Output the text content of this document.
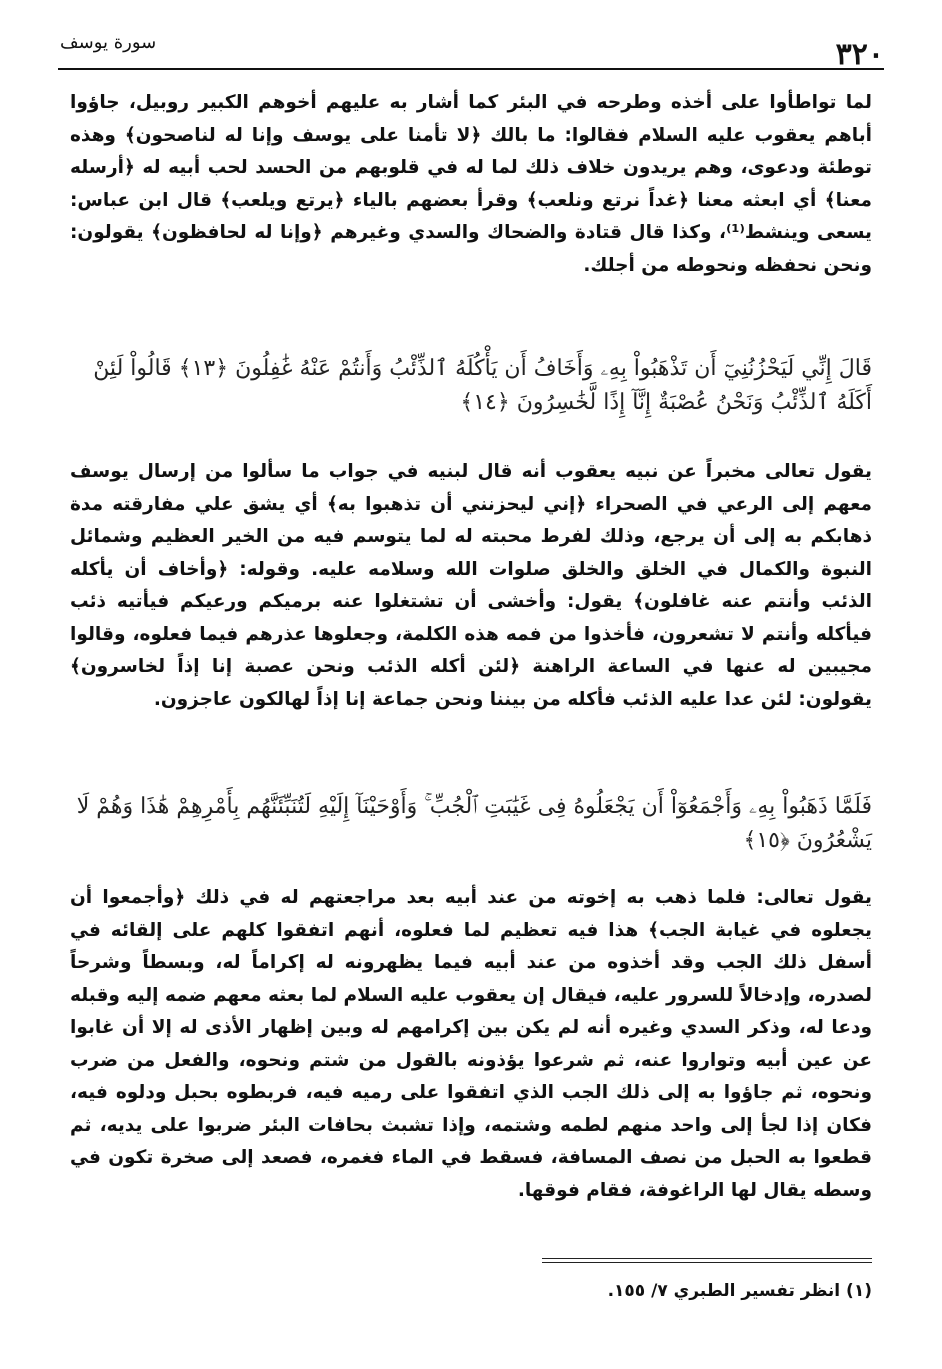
٣٢٠
سورة يوسف

لما تواطأوا على أخذه وطرحه في البئر كما أشار به عليهم أخوهم الكبير روبيل، جاؤوا أباهم يعقوب عليه السلام فقالوا: ما بالك ﴿لا تأمنا على يوسف وإنا له لناصحون﴾ وهذه توطئة ودعوى، وهم يريدون خلاف ذلك لما له في قلوبهم من الحسد لحب أبيه له ﴿أرسله معنا﴾ أي ابعثه معنا ﴿غداً نرتع ونلعب﴾ وقرأ بعضهم بالياء ﴿يرتع ويلعب﴾ قال ابن عباس: يسعى وينشط⁽¹⁾، وكذا قال قتادة والضحاك والسدي وغيرهم ﴿وإنا له لحافظون﴾ يقولون: ونحن نحفظه ونحوطه من أجلك.

قَالَ إِنِّي لَيَحْزُنُنِيٓ أَن تَذْهَبُواْ بِهِۦ وَأَخَافُ أَن يَأْكُلَهُ ٱلذِّئْبُ وَأَنتُمْ عَنْهُ غَٰفِلُونَ ﴿١٣﴾ قَالُواْ لَئِنْ أَكَلَهُ ٱلذِّئْبُ وَنَحْنُ عُصْبَةٌ إِنَّآ إِذًا لَّخَٰسِرُونَ ﴿١٤﴾

يقول تعالى مخبراً عن نبيه يعقوب أنه قال لبنيه في جواب ما سألوا من إرسال يوسف معهم إلى الرعي في الصحراء ﴿إني ليحزنني أن تذهبوا به﴾ أي يشق علي مفارقته مدة ذهابكم به إلى أن يرجع، وذلك لفرط محبته له لما يتوسم فيه من الخير العظيم وشمائل النبوة والكمال في الخلق والخلق صلوات الله وسلامه عليه. وقوله: ﴿وأخاف أن يأكله الذئب وأنتم عنه غافلون﴾ يقول: وأخشى أن تشتغلوا عنه برميكم ورعيكم فيأتيه ذئب فيأكله وأنتم لا تشعرون، فأخذوا من فمه هذه الكلمة، وجعلوها عذرهم فيما فعلوه، وقالوا مجيبين له عنها في الساعة الراهنة ﴿لئن أكله الذئب ونحن عصبة إنا إذاً لخاسرون﴾ يقولون: لئن عدا عليه الذئب فأكله من بيننا ونحن جماعة إنا إذاً لهالكون عاجزون.

فَلَمَّا ذَهَبُواْ بِهِۦ وَأَجْمَعُوٓاْ أَن يَجْعَلُوهُ فِى غَيَٰبَتِ ٱلْجُبِّ ۚ وَأَوْحَيْنَآ إِلَيْهِ لَتُنَبِّئَنَّهُم بِأَمْرِهِمْ هَٰذَا وَهُمْ لَا يَشْعُرُونَ ﴿١٥﴾

يقول تعالى: فلما ذهب به إخوته من عند أبيه بعد مراجعتهم له في ذلك ﴿وأجمعوا أن يجعلوه في غيابة الجب﴾ هذا فيه تعظيم لما فعلوه، أنهم اتفقوا كلهم على إلقائه في أسفل ذلك الجب وقد أخذوه من عند أبيه فيما يظهرونه له إكراماً له، وبسطاً وشرحاً لصدره، وإدخالاً للسرور عليه، فيقال إن يعقوب عليه السلام لما بعثه معهم ضمه إليه وقبله ودعا له، وذكر السدي وغيره أنه لم يكن بين إكرامهم له وبين إظهار الأذى له إلا أن غابوا عن عين أبيه وتواروا عنه، ثم شرعوا يؤذونه بالقول من شتم ونحوه، والفعل من ضرب ونحوه، ثم جاؤوا به إلى ذلك الجب الذي اتفقوا على رميه فيه، فربطوه بحبل ودلوه فيه، فكان إذا لجأ إلى واحد منهم لطمه وشتمه، وإذا تشبث بحافات البئر ضربوا على يديه، ثم قطعوا به الحبل من نصف المسافة، فسقط في الماء فغمره، فصعد إلى صخرة تكون في وسطه يقال لها الراغوفة، فقام فوقها.

(١) انظر تفسير الطبري ٧/ ١٥٥.
